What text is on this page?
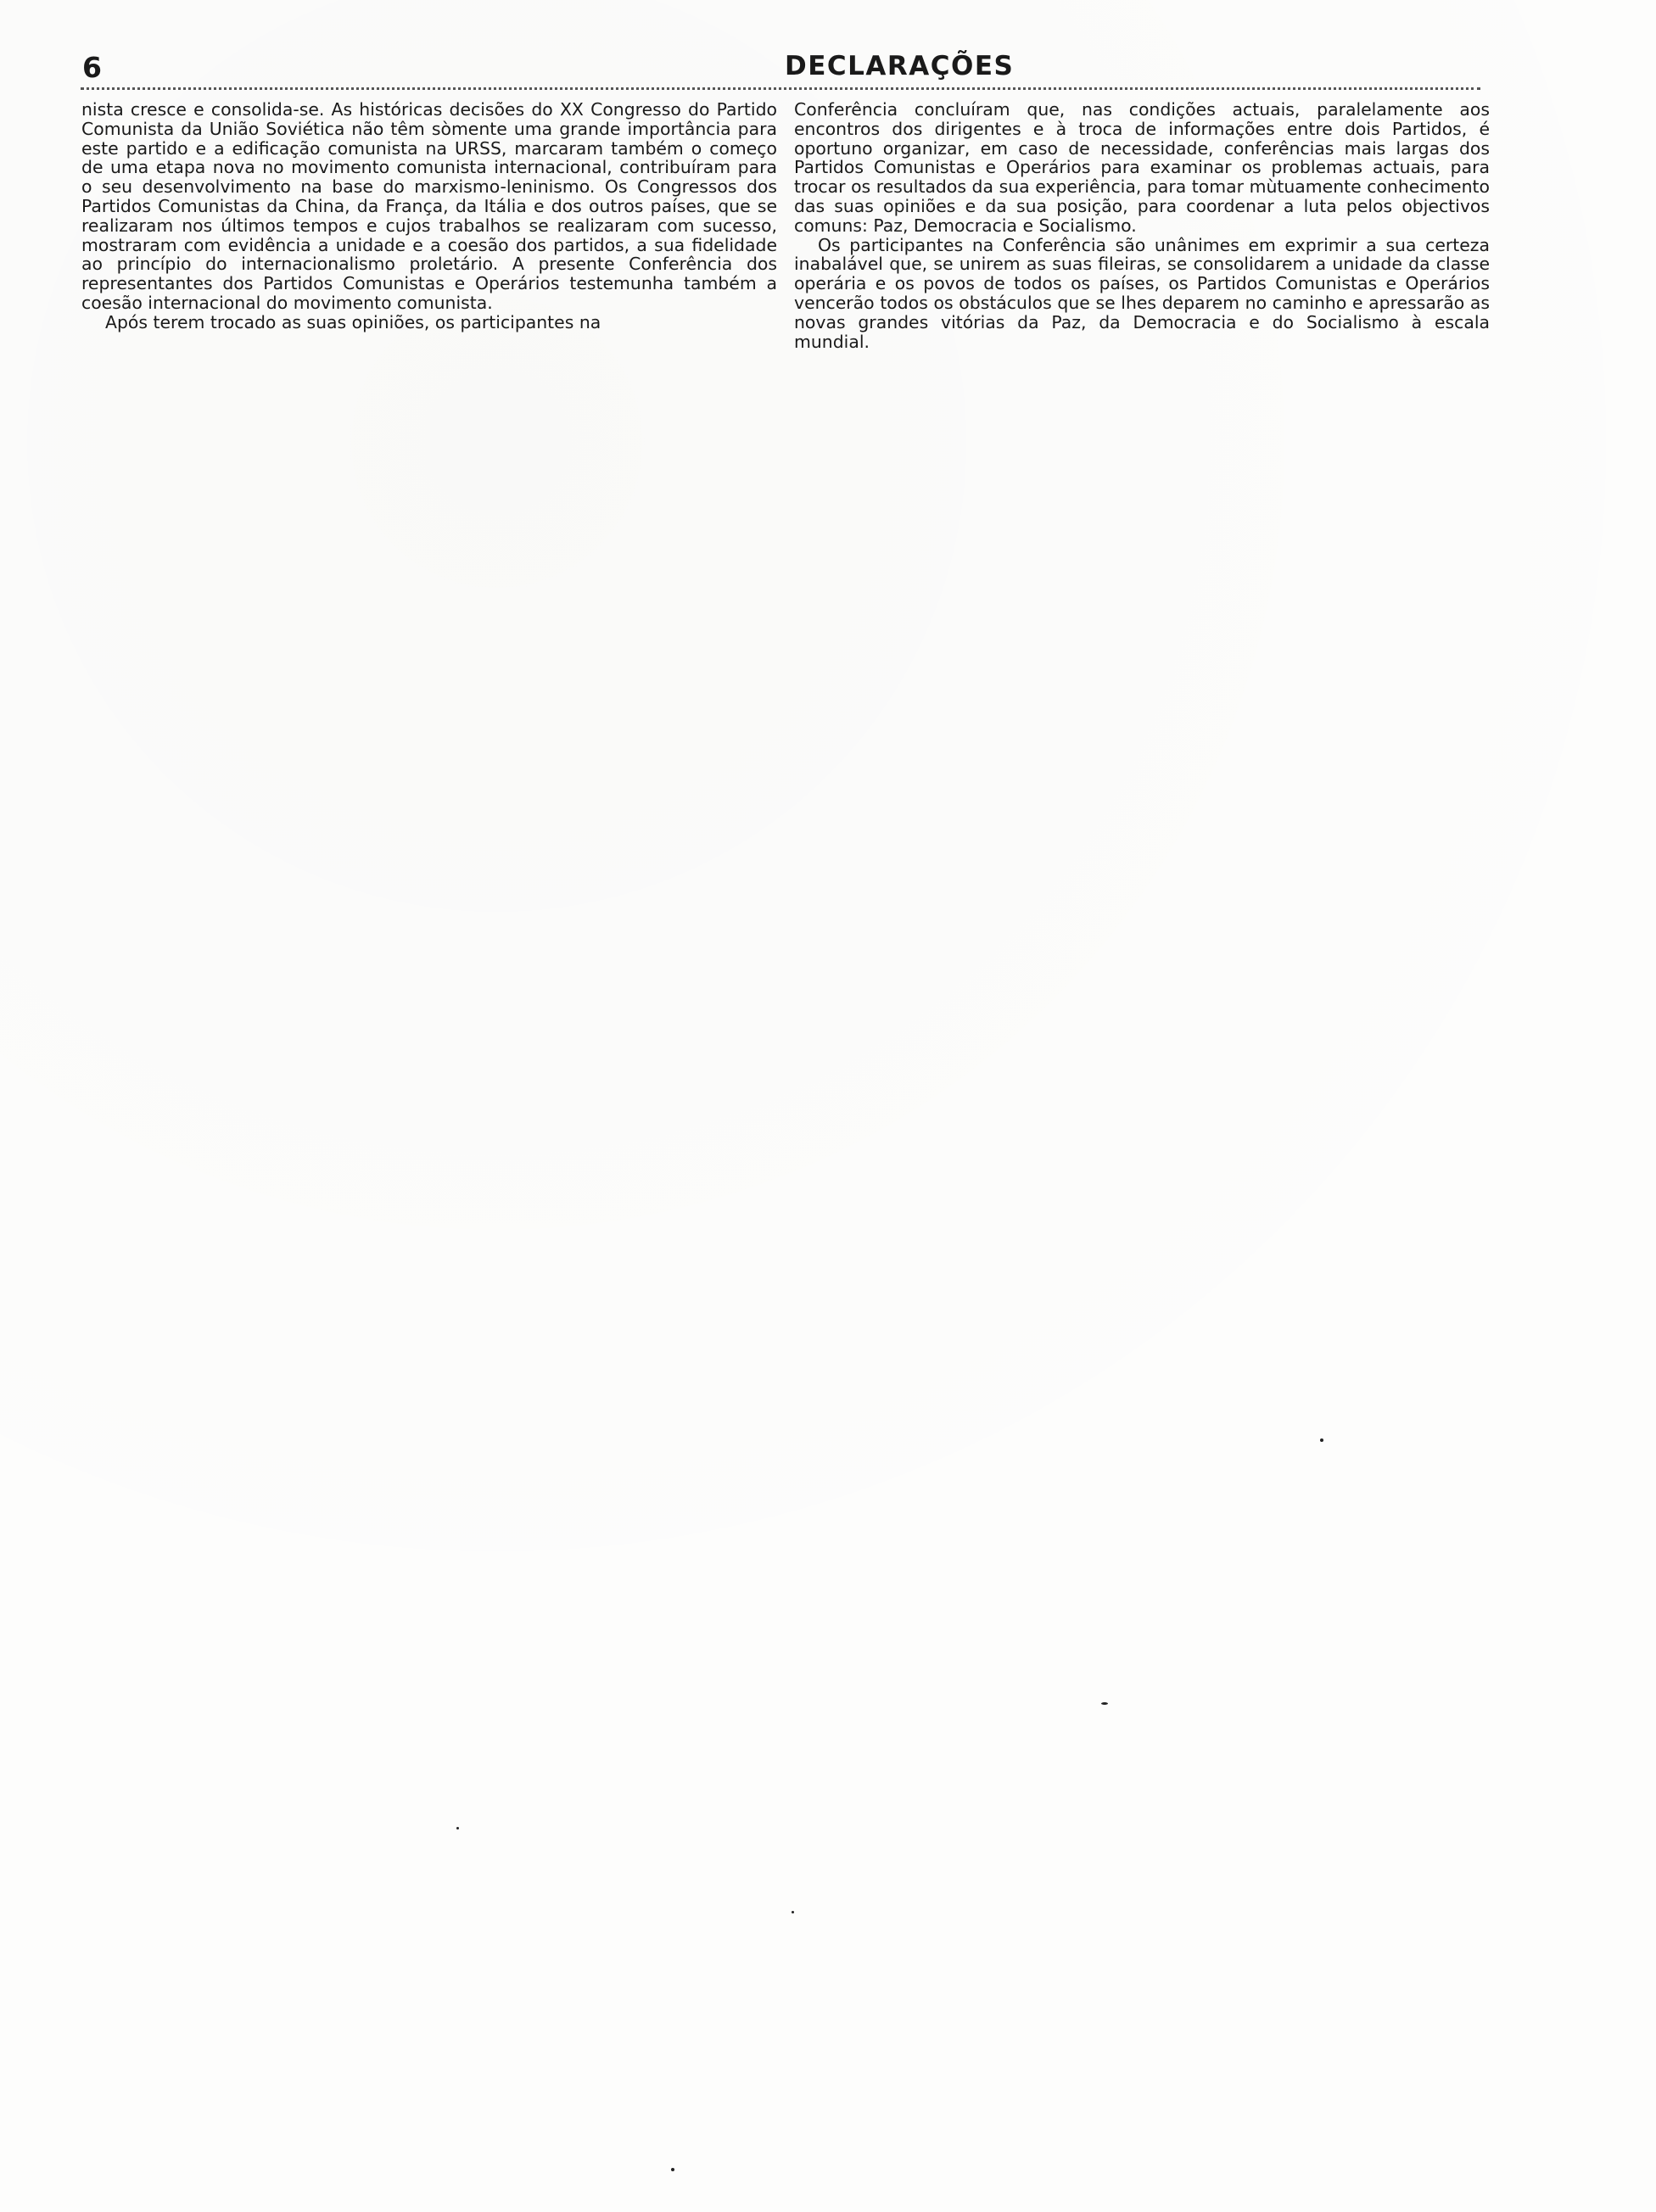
6	DECLARAÇÕES

nista cresce e consolida-se. As históricas decisões do XX Congresso do Partido Comunista da União Soviética não têm sòmente uma grande importância para este partido e a edificação comunista na URSS, marcaram também o começo de uma etapa nova no movimento comunista internacional, contribuíram para o seu desenvolvimento na base do marxismo-leninismo. Os Congressos dos Partidos Comunistas da China, da França, da Itália e dos outros países, que se realizaram nos últimos tempos e cujos trabalhos se realizaram com sucesso, mostraram com evidência a unidade e a coesão dos partidos, a sua fidelidade ao princípio do internacionalismo proletário. A presente Conferência dos representantes dos Partidos Comunistas e Operários testemunha também a coesão internacional do movimento comunista.

Após terem trocado as suas opiniões, os participantes na

Conferência concluíram que, nas condições actuais, paralelamente aos encontros dos dirigentes e à troca de informações entre dois Partidos, é oportuno organizar, em caso de necessidade, conferências mais largas dos Partidos Comunistas e Operários para examinar os problemas actuais, para trocar os resultados da sua experiência, para tomar mùtuamente conhecimento das suas opiniões e da sua posição, para coordenar a luta pelos objectivos comuns: Paz, Democracia e Socialismo.

Os participantes na Conferência são unânimes em exprimir a sua certeza inabalável que, se unirem as suas fileiras, se consolidarem a unidade da classe operária e os povos de todos os países, os Partidos Comunistas e Operários vencerão todos os obstáculos que se lhes deparem no caminho e apressarão as novas grandes vitórias da Paz, da Democracia e do Socialismo à escala mundial.
